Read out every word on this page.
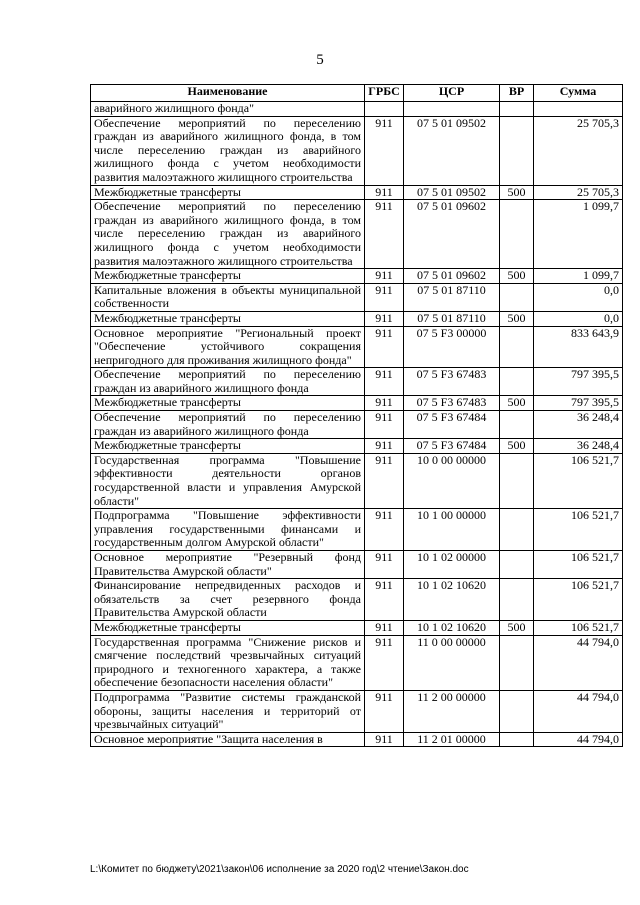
5
Наименование	ГРБС	ЦСР	ВР	Сумма
аварийного жилищного фонда"				
Обеспечение мероприятий по переселению граждан из аварийного жилищного фонда, в том числе переселению граждан из аварийного жилищного фонда с учетом необходимости развития малоэтажного жилищного строительства	911	07 5 01 09502		25 705,3
Межбюджетные трансферты	911	07 5 01 09502	500	25 705,3
Обеспечение мероприятий по переселению граждан из аварийного жилищного фонда, в том числе переселению граждан из аварийного жилищного фонда с учетом необходимости развития малоэтажного жилищного строительства	911	07 5 01 09602		1 099,7
Межбюджетные трансферты	911	07 5 01 09602	500	1 099,7
Капитальные вложения в объекты муниципальной собственности	911	07 5 01 87110		0,0
Межбюджетные трансферты	911	07 5 01 87110	500	0,0
Основное мероприятие "Региональный проект "Обеспечение устойчивого сокращения непригодного для проживания жилищного фонда"	911	07 5 F3 00000		833 643,9
Обеспечение мероприятий по переселению граждан из аварийного жилищного фонда	911	07 5 F3 67483		797 395,5
Межбюджетные трансферты	911	07 5 F3 67483	500	797 395,5
Обеспечение мероприятий по переселению граждан из аварийного жилищного фонда	911	07 5 F3 67484		36 248,4
Межбюджетные трансферты	911	07 5 F3 67484	500	36 248,4
Государственная программа "Повышение эффективности деятельности органов государственной власти и управления Амурской области"	911	10 0 00 00000		106 521,7
Подпрограмма "Повышение эффективности управления государственными финансами и государственным долгом Амурской области"	911	10 1 00 00000		106 521,7
Основное мероприятие "Резервный фонд Правительства Амурской области"	911	10 1 02 00000		106 521,7
Финансирование непредвиденных расходов и обязательств за счет резервного фонда Правительства Амурской области	911	10 1 02 10620		106 521,7
Межбюджетные трансферты	911	10 1 02 10620	500	106 521,7
Государственная программа "Снижение рисков и смягчение последствий чрезвычайных ситуаций природного и техногенного характера, а также обеспечение безопасности населения области"	911	11 0 00 00000		44 794,0
Подпрограмма "Развитие системы гражданской обороны, защиты населения и территорий от чрезвычайных ситуаций"	911	11 2 00 00000		44 794,0
Основное мероприятие "Защита населения в	911	11 2 01 00000		44 794,0
L:\Комитет по бюджету\2021\закон\06 исполнение за 2020 год\2 чтение\Закон.doc
